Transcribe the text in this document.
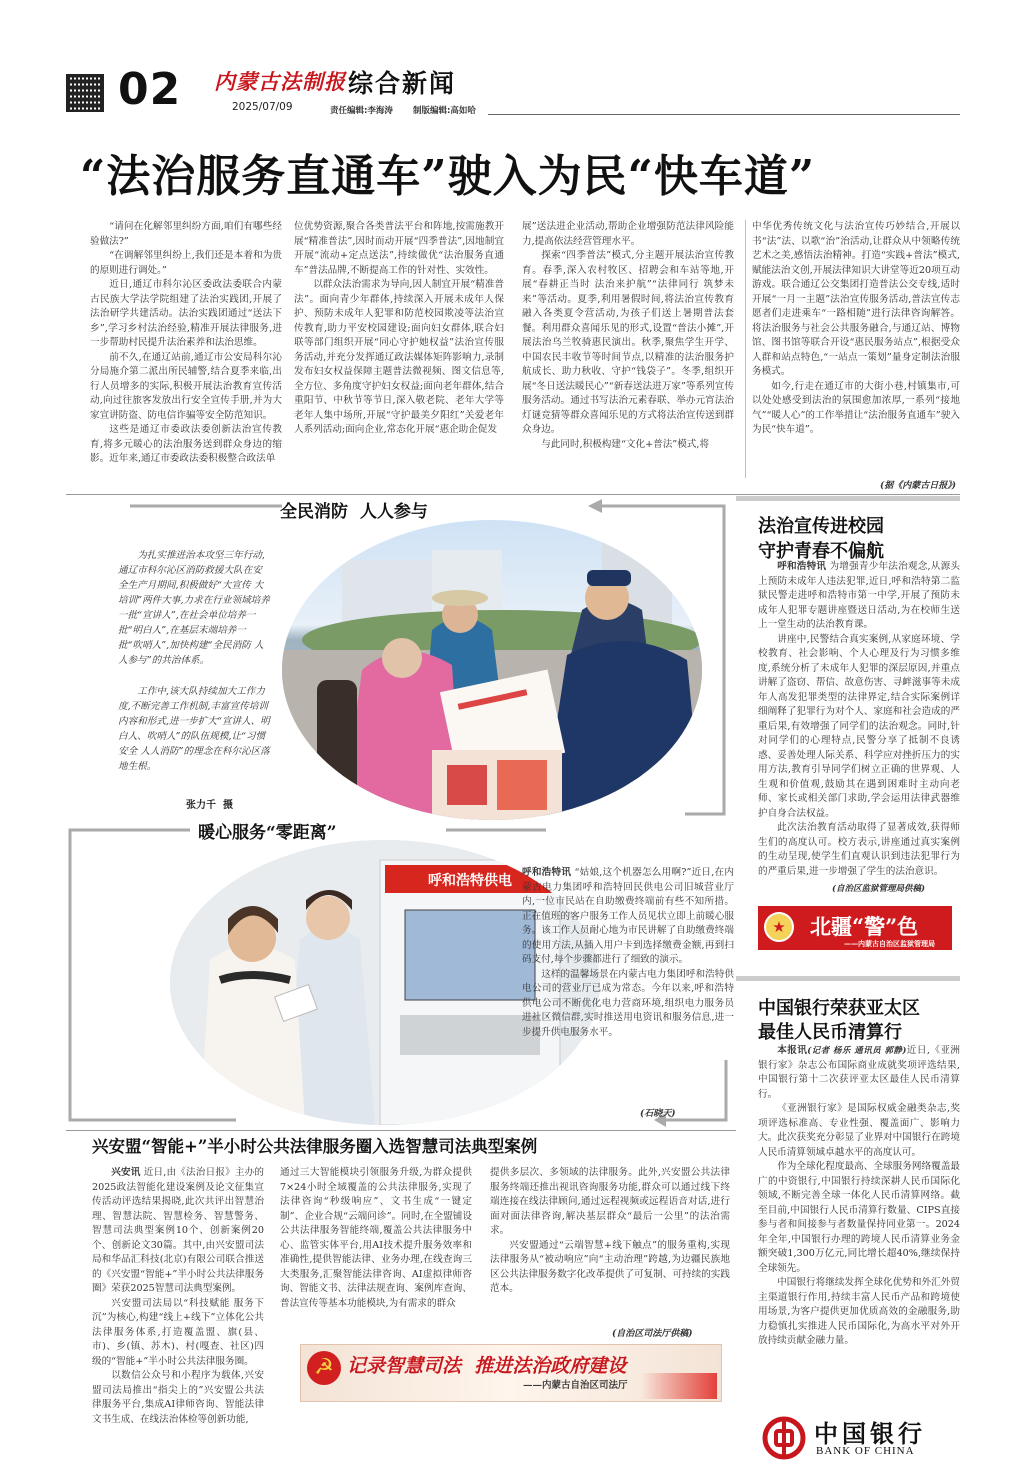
02 内蒙古法制报
2025/07/09
综合新闻
责任编辑:李海涛 制版编辑:高如哈
“法治服务直通车”驶入为民“快车道”

“请问在化解邻里纠纷方面,咱们有哪些经验做法?”

“在调解邻里纠纷上,我们还是本着和为贵的原则进行调处。”

近日,通辽市科尔沁区委政法委联合内蒙古民族大学法学院组建了法治实践团,开展了法治研学共建活动。法治实践团通过“送法下乡”,学习乡村法治经验,精准开展法律服务,进一步帮助村民提升法治素养和法治思维。

前不久,在通辽站前,通辽市公安局科尔沁分局施介第二派出所民辅警,结合夏季来临,出行人员增多的实际,积极开展法治教育宣传活动,向过往旅客发放出行安全宣传手册,并为大家宣讲防盗、防电信诈骗等安全防范知识。

这些是通辽市委政法委创新法治宣传教育,将多元暖心的法治服务送到群众身边的缩影。近年来,通辽市委政法委积极整合政法单

位优势资源,聚合各类普法平台和阵地,按需施教开展“精准普法”,因时而动开展“四季普法”,因地制宜开展“流动+定点送法”,持续做优“法治服务直通车”普法品牌,不断提高工作的针对性、实效性。

以群众法治需求为导向,因人制宜开展“精准普法”。面向青少年群体,持续深入开展未成年人保护、预防未成年人犯罪和防范校园欺凌等法治宣传教育,助力平安校园建设;面向妇女群体,联合妇联等部门组织开展“同心守护她权益”法治宣传服务活动,并充分发挥通辽政法媒体矩阵影响力,录制发布妇女权益保障主题普法微视频、图文信息等,全方位、多角度守护妇女权益;面向老年群体,结合重阳节、中秋节等节日,深入敬老院、老年大学等老年人集中场所,开展“守护最美夕阳红”关爱老年人系列活动;面向企业,常态化开展“惠企助企促发

展”送法进企业活动,帮助企业增强防范法律风险能力,提高依法经营管理水平。

探索“四季普法”模式,分主题开展法治宣传教育。春季,深入农村牧区、招聘会和车站等地,开展“春耕正当时 法治来护航”“法律同行 筑梦未来”等活动。夏季,利用暑假时间,将法治宣传教育融入各类夏令营活动,为孩子们送上暑期普法套餐。利用群众喜闻乐见的形式,设置“普法小摊”,开展法治乌兰牧骑惠民演出。秋季,聚焦学生开学、中国农民丰收节等时间节点,以精准的法治服务护航成长、助力秋收、守护“钱袋子”。冬季,组织开展“冬日送法暖民心”“新春送法进万家”等系列宣传服务活动。通过书写法治元素春联、举办元宵法治灯谜竞猜等群众喜闻乐见的方式将法治宣传送到群众身边。

与此同时,积极构建“文化+普法”模式,将

中华优秀传统文化与法治宣传巧妙结合,开展以书“法”法、以歌“治”治活动,让群众从中领略传统艺术之美,感悟法治精神。打造“实践+普法”模式,赋能法治文创,开展法律知识大讲堂等近20项互动游戏。联合通辽公交集团打造普法公交专线,适时开展“一月一主题”法治宣传服务活动,普法宣传志愿者们走进乘车“一路相随”进行法律咨询解答。将法治服务与社会公共服务融合,与通辽站、博物馆、图书馆等联合开设“惠民服务站点”,根据受众人群和站点特色,“一站点一策划”量身定制法治服务模式。

如今,行走在通辽市的大街小巷,村镇集市,可以处处感受到法治的氛围愈加浓厚,一系列“接地气”“暖人心”的工作举措让“法治服务直通车”驶入为民“快车道”。

(据《内蒙古日报》)
全民消防  人人参与
为扎实推进治本攻坚三年行动,通辽市科尔沁区消防救援大队在安全生产月期间,积极做好“大宣传 大培训”两件大事,力求在行业领域培养一批“宣讲人”,在社会单位培养一批“明白人”,在基层末端培养一批“吹哨人”,加快构建“全民消防 人人参与”的共治体系。
工作中,该大队持续加大工作力度,不断完善工作机制,丰富宣传培训内容和形式,进一步扩大“宣讲人、明白人、吹哨人”的队伍规模,让“习惯安全 人人消防”的理念在科尔沁区落地生根。
张力千  摄
暖心服务“零距离”
呼和浩特供电

呼和浩特讯 “姑娘,这个机器怎么用啊?”近日,在内蒙古电力集团呼和浩特回民供电公司旧城营业厅内,一位市民站在自助缴费终端前有些不知所措。正在值班的客户服务工作人员见状立即上前暖心服务。该工作人员耐心地为市民讲解了自助缴费终端的使用方法,从插入用户卡到选择缴费金额,再到扫码支付,每个步骤都进行了细致的演示。

这样的温馨场景在内蒙古电力集团呼和浩特供电公司的营业厅已成为常态。今年以来,呼和浩特供电公司不断优化电力营商环境,组织电力服务员进社区微信群,实时推送用电资讯和服务信息,进一步提升供电服务水平。

(石晓天)
兴安盟“智能+”半小时公共法律服务圈入选智慧司法典型案例

兴安讯 近日,由《法治日报》主办的2025政法智能化建设案例及论文征集宣传活动评选结果揭晓,此次共评出智慧治理、智慧法院、智慧检务、智慧警务、智慧司法典型案例10个、创新案例20个、创新论文30篇。其中,由兴安盟司法局和华品汇科技(北京)有限公司联合推送的《兴安盟“智能+”半小时公共法律服务圈》荣获2025智慧司法典型案例。

兴安盟司法局以“科技赋能 服务下沉”为核心,构建“线上+线下”立体化公共法律服务体系,打造覆盖盟、旗(县、市)、乡(镇、苏木)、村(嘎查、社区)四级的“智能+”半小时公共法律服务圈。

以数信公众号和小程序为载体,兴安盟司法局推出“指尖上的”兴安盟公共法律服务平台,集成AI律师咨询、智能法律文书生成、在线法治体检等创新功能,

通过三大智能模块引领服务升级,为群众提供7×24小时全域覆盖的公共法律服务,实现了法律咨询“秒级响应”、文书生成“一键定制”、企业合规“云端问诊”。同时,在全盟铺设公共法律服务智能终端,覆盖公共法律服务中心、监管实体平台,用AI技术提升服务效率和准确性,提供智能法律、业务办理,在线查询三大类服务,汇聚智能法律咨询、AI虚拟律师咨询、智能文书、法律法规查询、案例库查询、普法宣传等基本功能模块,为有需求的群众

提供多层次、多领域的法律服务。此外,兴安盟公共法律服务终端还推出视讯咨询服务功能,群众可以通过线下终端连接在线法律顾问,通过远程视频或远程语音对话,进行面对面法律咨询,解决基层群众“最后一公里”的法治需求。

兴安盟通过“云端智慧+线下触点”的服务重构,实现法律服务从“被动响应”向“主动治理”跨越,为边疆民族地区公共法律服务数字化改革提供了可复制、可持续的实践范本。

(自治区司法厅供稿)
☭ 记录智慧司法  推进法治政府建设
——内蒙古自治区司法厅
法治宣传进校园
守护青春不偏航

呼和浩特讯 为增强青少年法治观念,从源头上预防未成年人违法犯罪,近日,呼和浩特第二监狱民警走进呼和浩特市第一中学,开展了预防未成年人犯罪专题讲座暨送日活动,为在校师生送上一堂生动的法治教育课。

讲座中,民警结合真实案例,从家庭环境、学校教育、社会影响、个人心理及行为习惯多维度,系统分析了未成年人犯罪的深层原因,并重点讲解了盗窃、帮信、故意伤害、寻衅滋事等未成年人高发犯罪类型的法律界定,结合实际案例详细阐释了犯罪行为对个人、家庭和社会造成的严重后果,有效增强了同学们的法治观念。同时,针对同学们的心理特点,民警分享了抵制不良诱惑、妥善处理人际关系、科学应对挫折压力的实用方法,教育引导同学们树立正确的世界观、人生观和价值观,鼓励其在遇到困难时主动向老师、家长或相关部门求助,学会运用法律武器维护自身合法权益。

此次法治教育活动取得了显著成效,获得师生们的高度认可。校方表示,讲座通过真实案例的生动呈现,使学生们直观认识到违法犯罪行为的严重后果,进一步增强了学生的法治意识。

(自治区监狱管理局供稿)
★	北疆“警”色
——内蒙古自治区监狱管理局
中国银行荣获亚太区
最佳人民币清算行

本报讯(记者 杨乐 通讯员 郭静)近日,《亚洲银行家》杂志公布国际商业成就奖项评选结果,中国银行第十二次获评亚太区最佳人民币清算行。

《亚洲银行家》是国际权威金融类杂志,奖项评选标准高、专业性强、覆盖面广、影响力大。此次获奖充分彰显了业界对中国银行在跨境人民币清算领域卓越水平的高度认可。

作为全球化程度最高、全球服务网络覆盖最广的中资银行,中国银行持续深耕人民币国际化领域,不断完善全球一体化人民币清算网络。截至目前,中国银行人民币清算行数量、CIPS直接参与者和间接参与者数量保持同业第一。2024年全年,中国银行办理的跨境人民币清算业务金额突破1,300万亿元,同比增长超40%,继续保持全球领先。

中国银行将继续发挥全球化优势和外汇外贸主渠道银行作用,持续丰富人民币产品和跨境使用场景,为客户提供更加优质高效的金融服务,助力稳慎扎实推进人民币国际化,为高水平对外开放持续贡献金融力量。

中国银行
BANK OF CHINA
